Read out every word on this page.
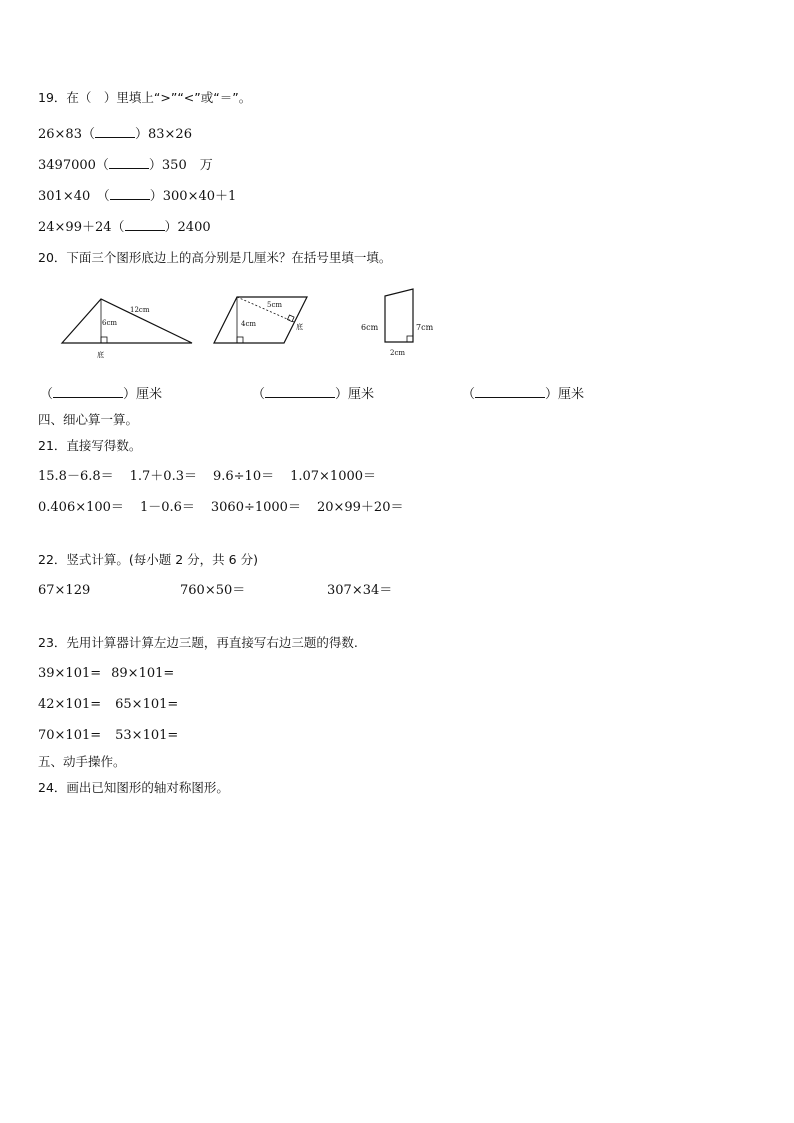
19．在（　）里填上“>”“<”或“＝”。
26×83（	）83×26
3497000（	）350　万
301×40　（	）300×40＋1
24×99＋24（	）2400
20．下面三个图形底边上的高分别是几厘米？在括号里填一填。
12cm
6cm
底
5cm
4cm	底	6cm	7cm
2cm
（	）厘米	（	）厘米	（	）厘米
四、细心算一算。
21．直接写得数。
15.8－6.8＝ 1.7＋0.3＝ 9.6÷10＝ 1.07×1000＝
0.406×100＝ 1－0.6＝ 3060÷1000＝ 20×99＋20＝
22．竖式计算。(每小题 2 分，共 6 分)
67×129	760×50＝	307×34＝
23．先用计算器计算左边三题，再直接写右边三题的得数.
39×101= 89×101=
42×101= 65×101=
70×101= 53×101=
五、动手操作。
24．画出已知图形的轴对称图形。
